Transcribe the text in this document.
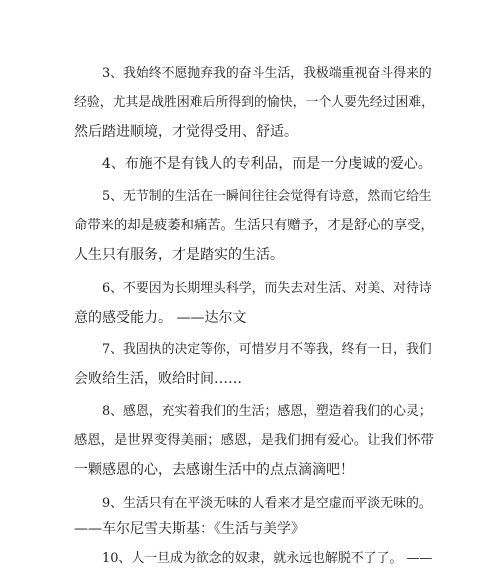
3、我始终不愿抛弃我的奋斗生活，我极端重视奋斗得来的
经验，尤其是战胜困难后所得到的愉快，一个人要先经过困难，
然后踏进顺境，才觉得受用、舒适。
4、布施不是有钱人的专利品，而是一分虔诚的爱心。
5、无节制的生活在一瞬间往往会觉得有诗意，然而它给生
命带来的却是疲萎和痛苦。生活只有赠予，才是舒心的享受，
人生只有服务，才是踏实的生活。
6、不要因为长期埋头科学，而失去对生活、对美、对待诗
意的感受能力。 ——达尔文
7、我固执的决定等你，可惜岁月不等我，终有一日，我们
会败给生活，败给时间……
8、感恩，充实着我们的生活；感恩，塑造着我们的心灵；
感恩，是世界变得美丽；感恩，是我们拥有爱心。让我们怀带
一颗感恩的心，去感谢生活中的点点滴滴吧！
9、生活只有在平淡无味的人看来才是空虚而平淡无味的。
——车尔尼雪夫斯基：《生活与美学》
10、人一旦成为欲念的奴隶，就永远也解脱不了了。 ——
